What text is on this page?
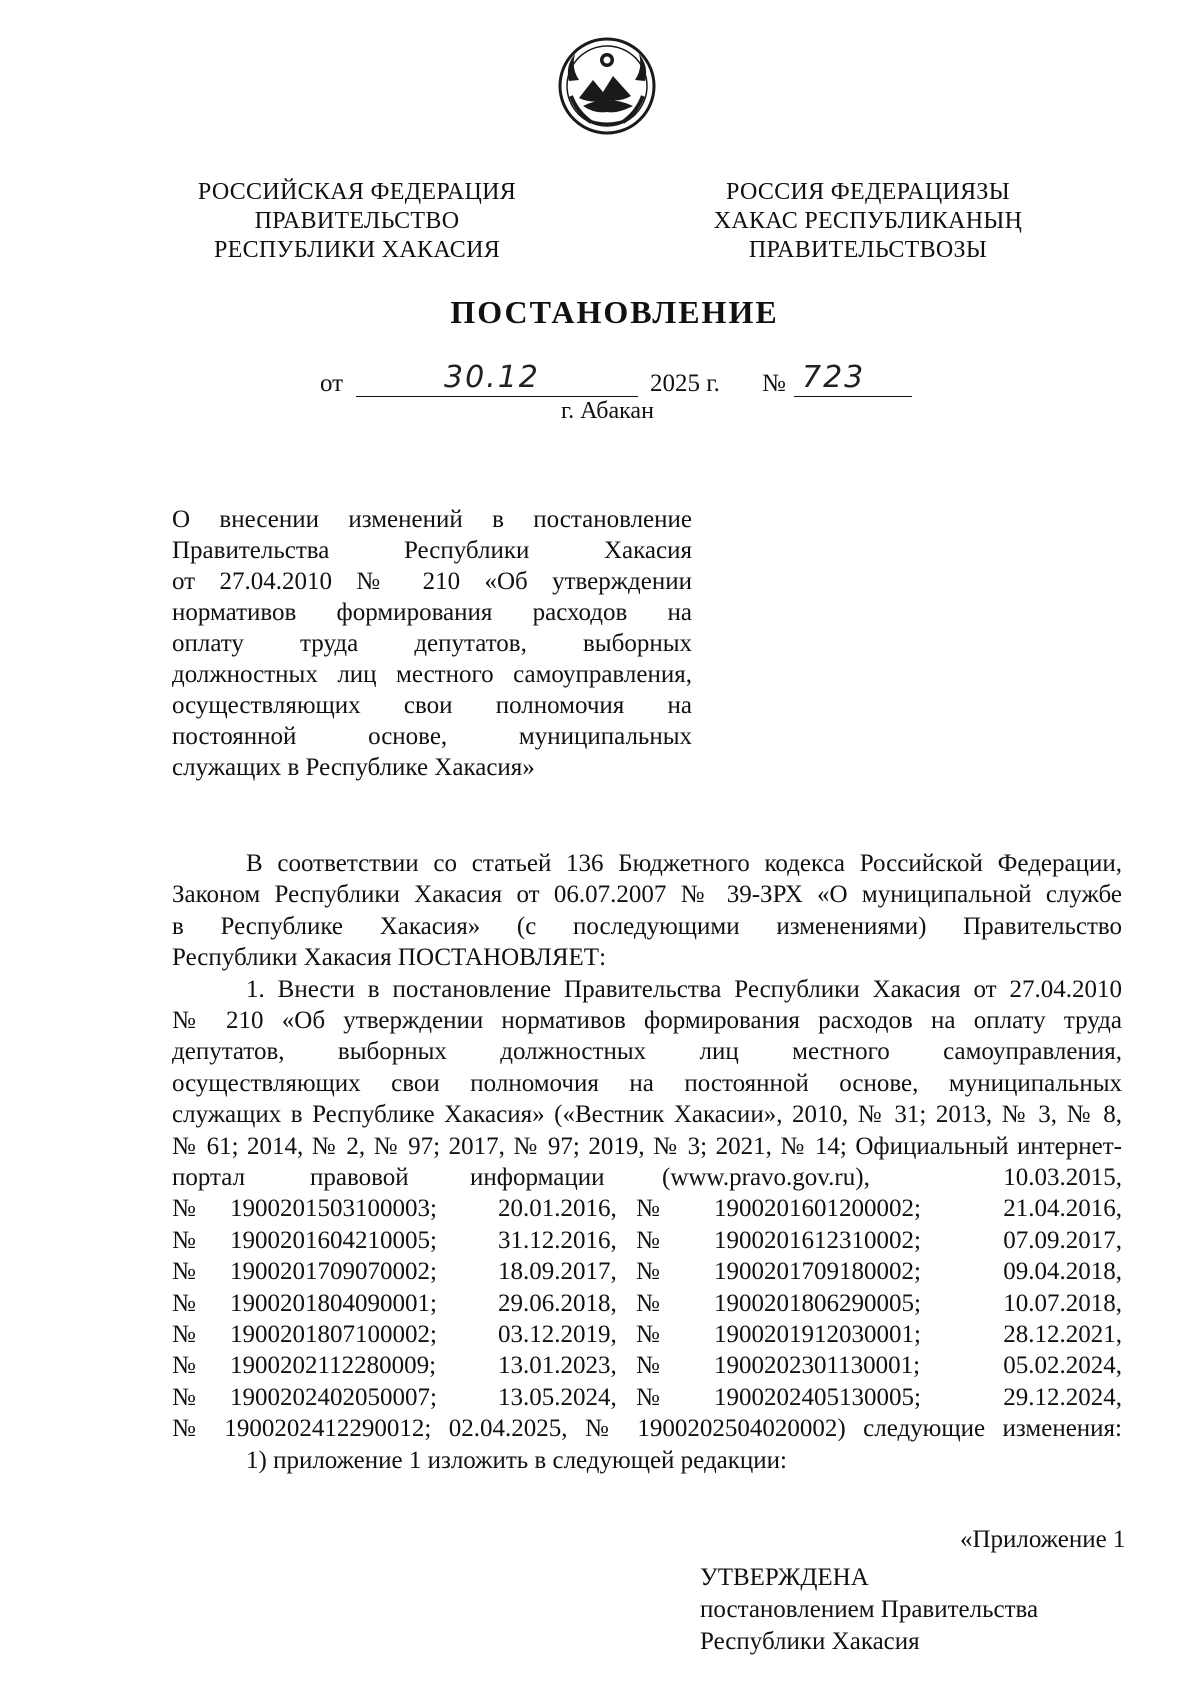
РОССИЙСКАЯ ФЕДЕРАЦИЯ
ПРАВИТЕЛЬСТВО
РЕСПУБЛИКИ ХАКАСИЯ
РОССИЯ ФЕДЕРАЦИЯЗЫ
ХАКАС РЕСПУБЛИКАНЫҢ
ПРАВИТЕЛЬСТВОЗЫ
ПОСТАНОВЛЕНИЕ
от	30.12	2025 г. № 723
г. Абакан
О внесении изменений в постановление
Правительства Республики Хакасия
от 27.04.2010 № 210 «Об утверждении
нормативов формирования расходов на
оплату труда депутатов, выборных
должностных лиц местного самоуправления,
осуществляющих свои полномочия на
постоянной основе, муниципальных
служащих в Республике Хакасия»
В соответствии со статьей 136 Бюджетного кодекса Российской Федерации,
Законом Республики Хакасия от 06.07.2007 № 39-ЗРХ «О муниципальной службе
в Республике Хакасия» (с последующими изменениями) Правительство
Республики Хакасия ПОСТАНОВЛЯЕТ:
1. Внести в постановление Правительства Республики Хакасия от 27.04.2010
№ 210 «Об утверждении нормативов формирования расходов на оплату труда
депутатов, выборных должностных лиц местного самоуправления,
осуществляющих свои полномочия на постоянной основе, муниципальных
служащих в Республике Хакасия» («Вестник Хакасии», 2010, № 31; 2013, № 3, № 8,
№ 61; 2014, № 2, № 97; 2017, № 97; 2019, № 3; 2021, № 14; Официальный интернет-
портал	правовой	информации	(www.pravo.gov.ru),	10.03.2015,
№	1900201503100003;	20.01.2016,	№	1900201601200002;	21.04.2016,
№	1900201604210005;	31.12.2016,	№	1900201612310002;	07.09.2017,
№	1900201709070002;	18.09.2017,	№	1900201709180002;	09.04.2018,
№	1900201804090001;	29.06.2018,	№	1900201806290005;	10.07.2018,
№	1900201807100002;	03.12.2019,	№	1900201912030001;	28.12.2021,
№	1900202112280009;	13.01.2023,	№	1900202301130001;	05.02.2024,
№	1900202402050007;	13.05.2024,	№	1900202405130005;	29.12.2024,
№ 1900202412290012; 02.04.2025, № 1900202504020002) следующие изменения:
1) приложение 1 изложить в следующей редакции:
«Приложение 1
УТВЕРЖДЕНА
постановлением Правительства
Республики Хакасия
